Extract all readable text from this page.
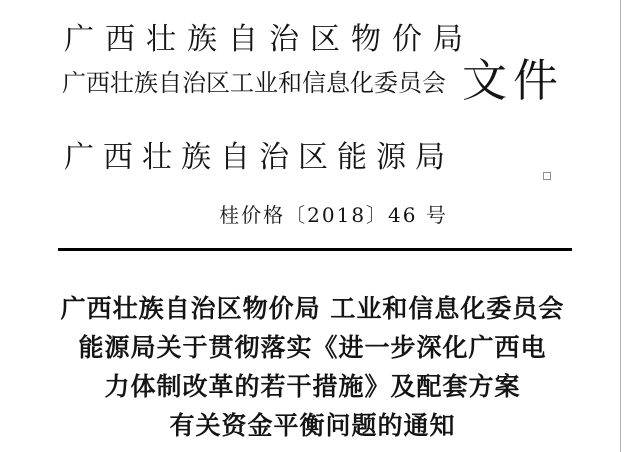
广西壮族自治区物价局
广西壮族自治区工业和信息化委员会 文件
广西壮族自治区能源局
桂价格〔2018〕46 号
广西壮族自治区物价局 工业和信息化委员会
能源局关于贯彻落实《进一步深化广西电
力体制改革的若干措施》及配套方案
有关资金平衡问题的通知
